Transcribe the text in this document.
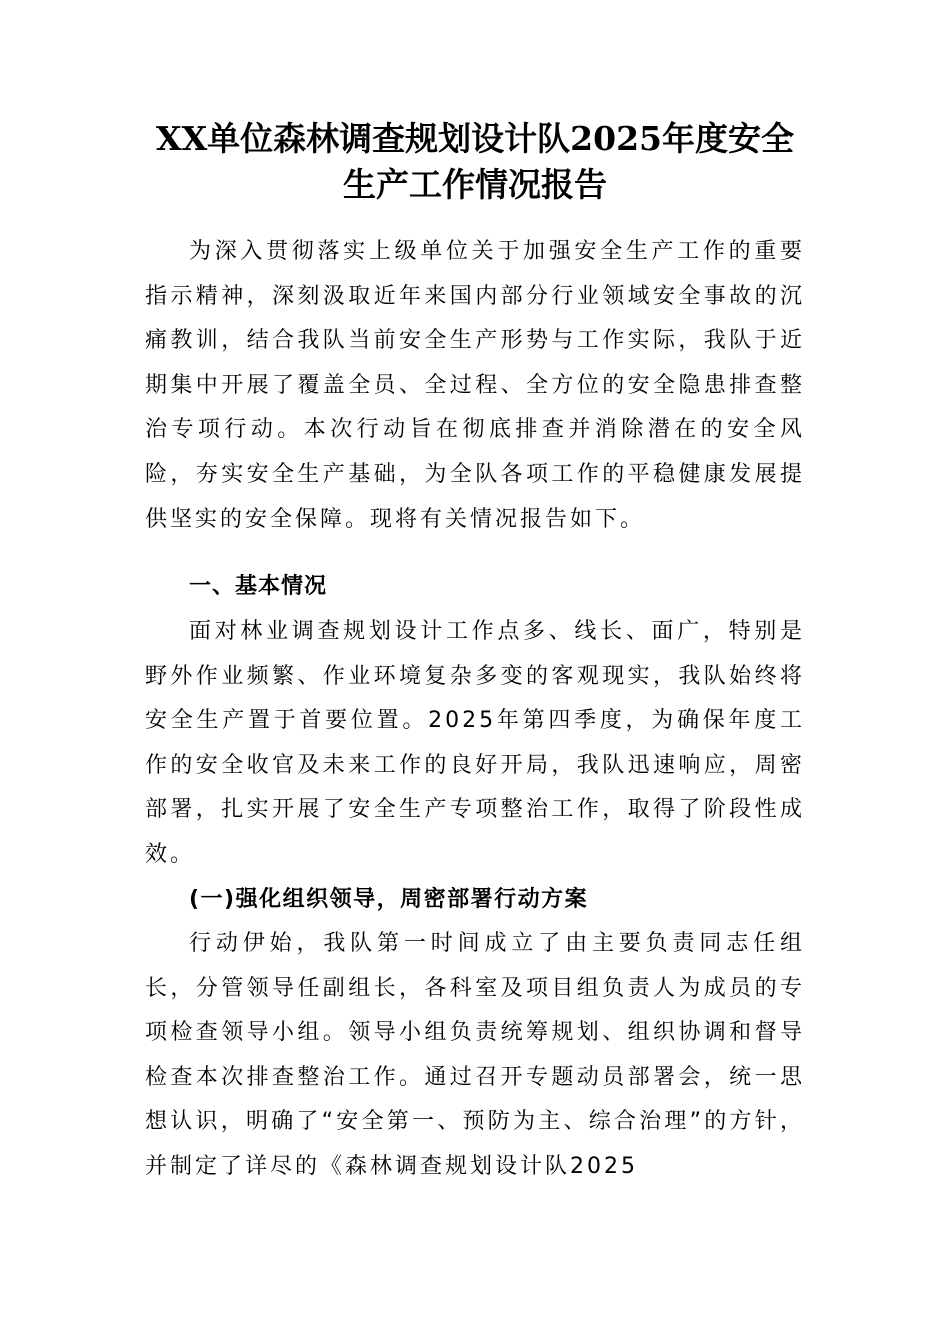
XX单位森林调查规划设计队2025年度安全生产工作情况报告

为深入贯彻落实上级单位关于加强安全生产工作的重要指示精神，深刻汲取近年来国内部分行业领域安全事故的沉痛教训，结合我队当前安全生产形势与工作实际，我队于近期集中开展了覆盖全员、全过程、全方位的安全隐患排查整治专项行动。本次行动旨在彻底排查并消除潜在的安全风险，夯实安全生产基础，为全队各项工作的平稳健康发展提供坚实的安全保障。现将有关情况报告如下。

一、基本情况

面对林业调查规划设计工作点多、线长、面广，特别是野外作业频繁、作业环境复杂多变的客观现实，我队始终将安全生产置于首要位置。2025年第四季度，为确保年度工作的安全收官及未来工作的良好开局，我队迅速响应，周密部署，扎实开展了安全生产专项整治工作，取得了阶段性成效。

(一)强化组织领导，周密部署行动方案

行动伊始，我队第一时间成立了由主要负责同志任组长，分管领导任副组长，各科室及项目组负责人为成员的专项检查领导小组。领导小组负责统筹规划、组织协调和督导检查本次排查整治工作。通过召开专题动员部署会，统一思想认识，明确了“安全第一、预防为主、综合治理”的方针，并制定了详尽的《森林调查规划设计队2025
